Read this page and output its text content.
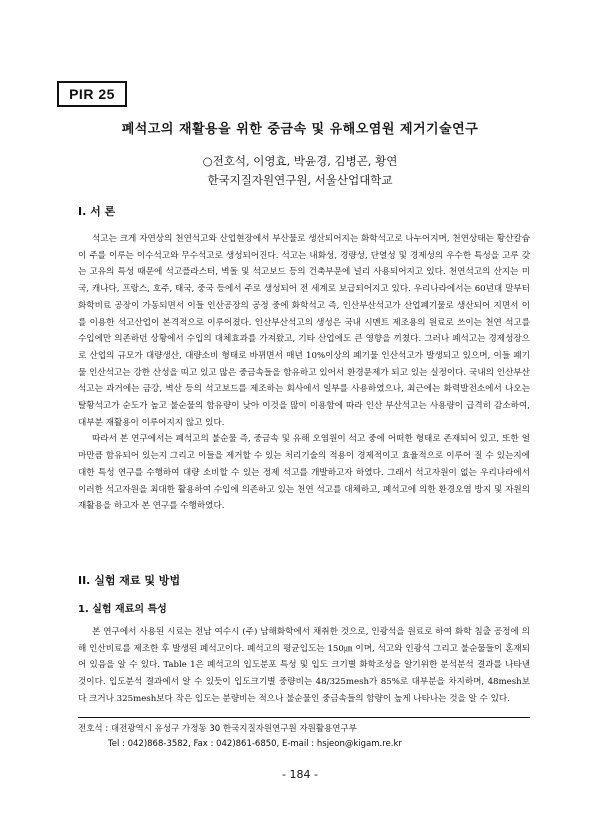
PIR 25
폐석고의 재활용을 위한 중금속 및 유해오염원 제거기술연구
○전호석, 이영효, 박윤경, 김병곤, 황연
한국지질자원연구원, 서울산업대학교
I. 서 론

석고는 크게 자연상의 천연석고와 산업현장에서 부산물로 생산되어지는 화학석고로 나누어지며, 천연상태는 황산칼슘이 주를 이루는 이수석고와 무수석고로 생성되어진다. 석고는 내화성, 경량성, 단열성 및 경제성의 우수한 특성을 고루 갖는 고유의 특성 때문에 석고플라스터, 벽돌 및 석고보드 등의 건축부문에 널리 사용되어지고 있다. 천연석고의 산지는 미국, 캐나다, 프랑스, 호주, 태국, 중국 등에서 주로 생성되어 전 세계로 보급되어지고 있다. 우리나라에서는 60년대 말부터 화학비료 공장이 가동되면서 이들 인산공장의 공정 중에 화학석고 즉, 인산부산석고가 산업폐기물로 생산되어 지면서 이를 이용한 석고산업이 본격적으로 이루어졌다. 인산부산석고의 생성은 국내 시멘트 제조용의 원료로 쓰이는 천연 석고를 수입에만 의존하던 상황에서 수입의 대체효과를 가져왔고, 기타 산업에도 큰 영향을 끼쳤다. 그러나 폐석고는 경제성장으로 산업의 규모가 대량생산, 대량소비 형태로 바뀌면서 매년 10%이상의 폐기물 인산석고가 발생되고 있으며, 이들 폐기물 인산석고는 강한 산성을 띠고 있고 많은 중금속들을 함유하고 있어서 환경문제가 되고 있는 실정이다. 국내의 인산부산석고는 과거에는 금강, 벽산 등의 석고보드를 제조하는 회사에서 일부를 사용하였으나, 최근에는 화력발전소에서 나오는 탈황석고가 순도가 높고 불순물의 함유량이 낮아 이것을 많이 이용함에 따라 인산 부산석고는 사용량이 급격히 감소하여, 대부분 재활용이 이루어지지 않고 있다.

따라서 본 연구에서는 폐석고의 불순물 즉, 중금속 및 유해 오염원이 석고 중에 어떠한 형태로 존재되어 있고, 또한 얼마만큼 함유되어 있는지 그리고 이들을 제거할 수 있는 처리기술의 적용이 경제적이고 효율적으로 이루어 질 수 있는지에 대한 특성 연구를 수행하여 대량 소비할 수 있는 정제 석고를 개발하고자 하였다. 그래서 석고자원이 없는 우리나라에서 이러한 석고자원을 최대한 활용하여 수입에 의존하고 있는 천연 석고를 대체하고, 폐석고에 의한 환경오염 방지 및 자원의 재활용을 하고자 본 연구를 수행하였다.

II. 실험 재료 및 방법
1. 실험 재료의 특성

본 연구에서 사용된 시료는 전남 여수시 (주) 남해화학에서 채취한 것으로, 인광석을 원료로 하여 화학 침출 공정에 의해 인산비료를 제조한 후 발생된 폐석고이다. 폐석고의 평균입도는 150㎛ 이며, 석고와 인광석 그리고 불순물들이 혼재되어 있음을 알 수 있다. Table 1은 폐석고의 입도분포 특성 및 입도 크기별 화학조성을 알기위한 분석분석 결과를 나타낸 것이다. 입도분석 결과에서 알 수 있듯이 입도크기별 중량비는 48/325mesh가 85%로 대부분을 차지하며, 48mesh보다 크거나 325mesh보다 작은 입도는 분량비는 적으나 불순물인 중금속들의 함량이 높게 나타나는 것을 알 수 있다.

전호석 : 대전광역시 유성구 가정동 30 한국지질자원연구원 자원활용연구부
Tel : 042)868-3582, Fax : 042)861-6850, E-mail : hsjeon@kigam.re.kr
- 184 -
